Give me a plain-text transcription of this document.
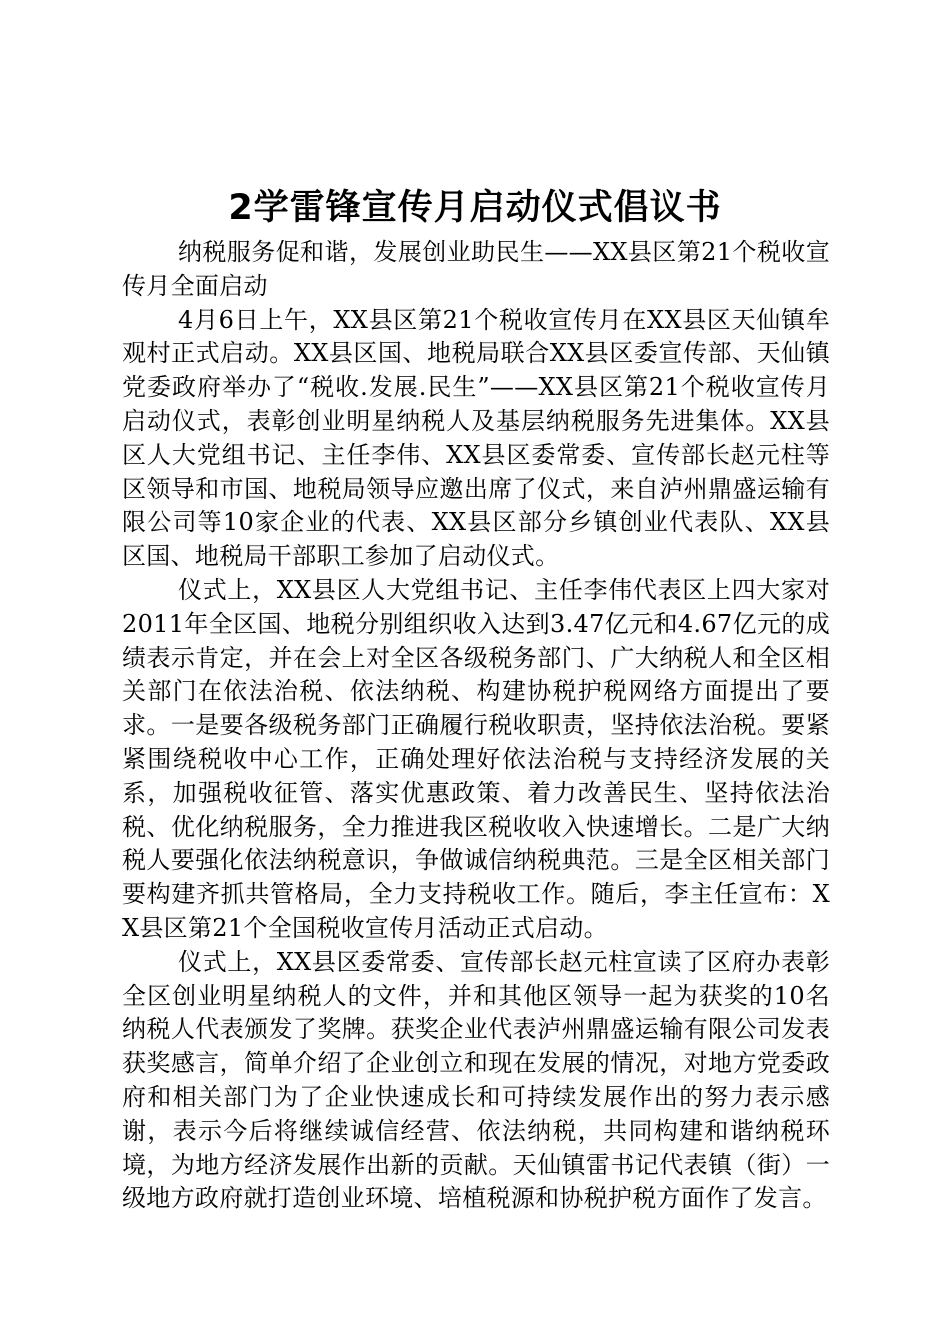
2学雷锋宣传月启动仪式倡议书

纳税服务促和谐，发展创业助民生——XX县区第21个税收宣传月全面启动

4月6日上午，XX县区第21个税收宣传月在XX县区天仙镇牟观村正式启动。XX县区国、地税局联合XX县区委宣传部、天仙镇党委政府举办了“税收.发展.民生”——XX县区第21个税收宣传月启动仪式，表彰创业明星纳税人及基层纳税服务先进集体。XX县区人大党组书记、主任李伟、XX县区委常委、宣传部长赵元柱等区领导和市国、地税局领导应邀出席了仪式，来自泸州鼎盛运输有限公司等10家企业的代表、XX县区部分乡镇创业代表队、XX县区国、地税局干部职工参加了启动仪式。

仪式上，XX县区人大党组书记、主任李伟代表区上四大家对2011年全区国、地税分别组织收入达到3.47亿元和4.67亿元的成绩表示肯定，并在会上对全区各级税务部门、广大纳税人和全区相关部门在依法治税、依法纳税、构建协税护税网络方面提出了要求。一是要各级税务部门正确履行税收职责，坚持依法治税。要紧紧围绕税收中心工作，正确处理好依法治税与支持经济发展的关系，加强税收征管、落实优惠政策、着力改善民生、坚持依法治税、优化纳税服务，全力推进我区税收收入快速增长。二是广大纳税人要强化依法纳税意识，争做诚信纳税典范。三是全区相关部门要构建齐抓共管格局，全力支持税收工作。随后，李主任宣布：XX县区第21个全国税收宣传月活动正式启动。

仪式上，XX县区委常委、宣传部长赵元柱宣读了区府办表彰全区创业明星纳税人的文件，并和其他区领导一起为获奖的10名纳税人代表颁发了奖牌。获奖企业代表泸州鼎盛运输有限公司发表获奖感言，简单介绍了企业创立和现在发展的情况，对地方党委政府和相关部门为了企业快速成长和可持续发展作出的努力表示感谢，表示今后将继续诚信经营、依法纳税，共同构建和谐纳税环境，为地方经济发展作出新的贡献。天仙镇雷书记代表镇（街）一级地方政府就打造创业环境、培植税源和协税护税方面作了发言。
